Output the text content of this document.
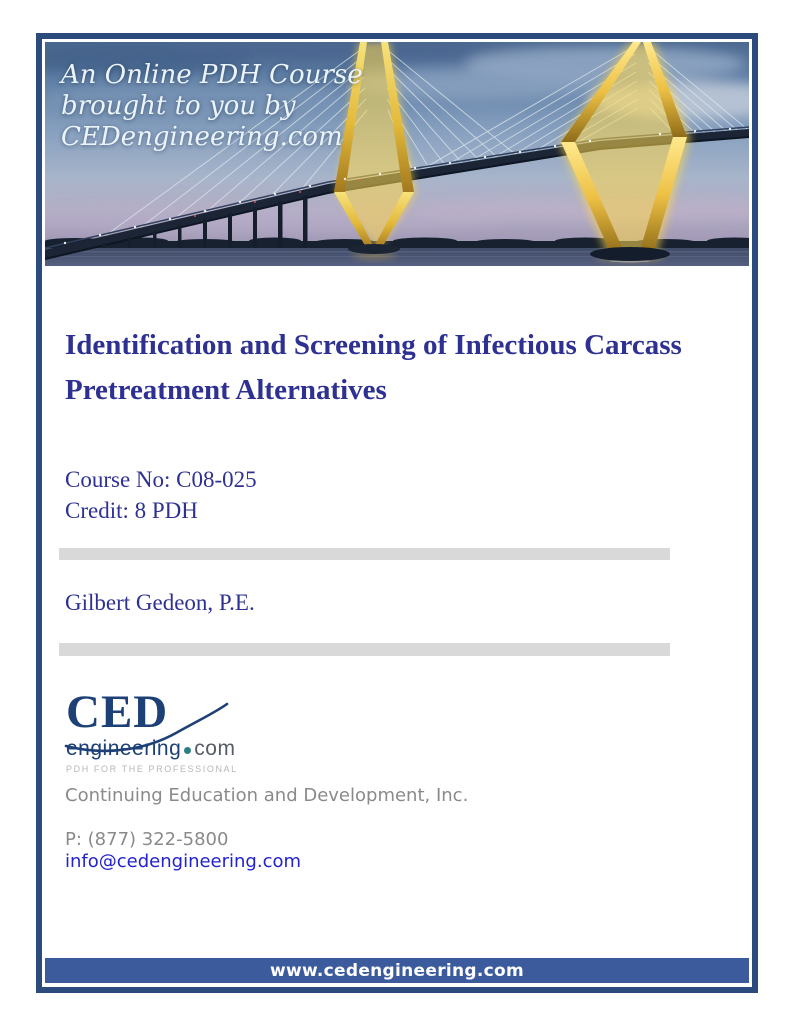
An Online PDH Course
brought to you by
CEDengineering.com
Identification and Screening of Infectious Carcass Pretreatment Alternatives
Course No: C08-025
Credit: 8 PDH
Gilbert Gedeon, P.E.
CED
engineering com
PDH FOR THE PROFESSIONAL
Continuing Education and Development, Inc.
P: (877) 322-5800
info@cedengineering.com
www.cedengineering.com
